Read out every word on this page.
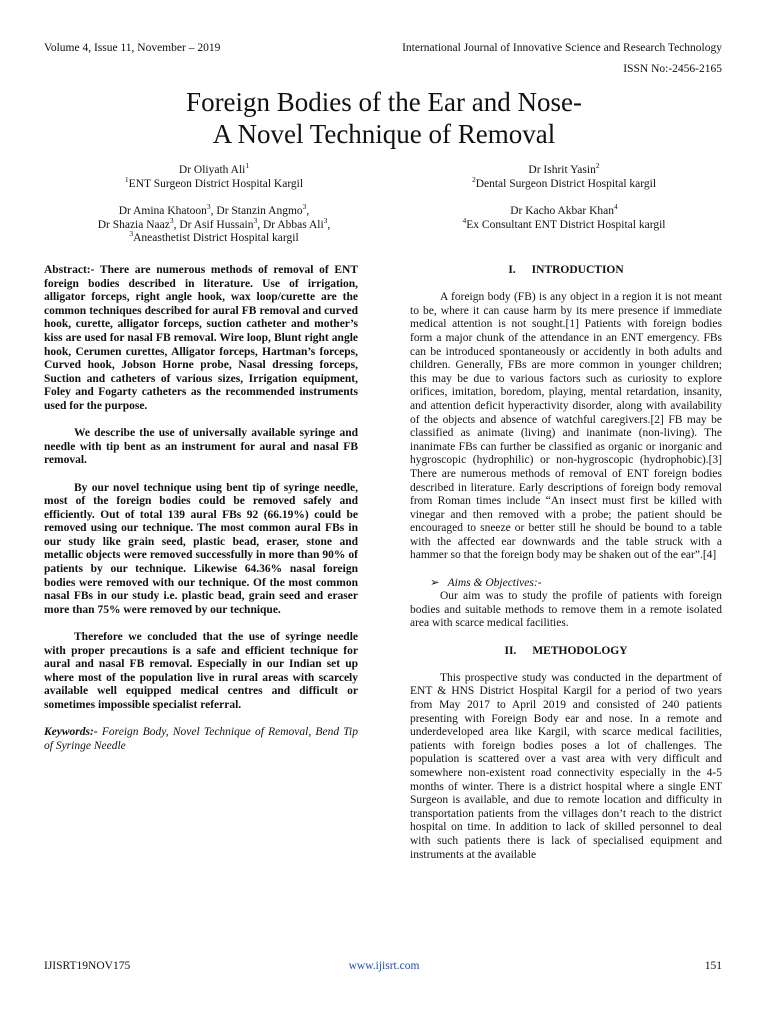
Volume 4, Issue 11, November – 2019	International Journal of Innovative Science and Research Technology
ISSN No:-2456-2165
Foreign Bodies of the Ear and Nose-
A Novel Technique of Removal
Dr Oliyath Ali$^1$
$^1$ENT Surgeon District Hospital Kargil
Dr Amina Khatoon$^3$, Dr Stanzin Angmo$^3$,
Dr Shazia Naaz$^3$, Dr Asif Hussain$^3$, Dr Abbas Ali$^3$,
$^3$Aneasthetist District Hospital kargil
Dr Ishrit Yasin$^2$
$^2$Dental Surgeon District Hospital kargil
Dr Kacho Akbar Khan$^4$
$^4$Ex Consultant ENT District Hospital kargil

Abstract:- There are numerous methods of removal of ENT foreign bodies described in literature. Use of irrigation, alligator forceps, right angle hook, wax loop/curette are the common techniques described for aural FB removal and curved hook, curette, alligator forceps, suction catheter and mother’s kiss are used for nasal FB removal. Wire loop, Blunt right angle hook, Cerumen curettes, Alligator forceps, Hartman’s forceps, Curved hook, Jobson Horne probe, Nasal dressing forceps, Suction and catheters of various sizes, Irrigation equipment, Foley and Fogarty catheters as the recommended instruments used for the purpose.

We describe the use of universally available syringe and needle with tip bent as an instrument for aural and nasal FB removal.

By our novel technique using bent tip of syringe needle, most of the foreign bodies could be removed safely and efficiently. Out of total 139 aural FBs 92 (66.19%) could be removed using our technique. The most common aural FBs in our study like grain seed, plastic bead, eraser, stone and metallic objects were removed successfully in more than 90% of patients by our technique. Likewise 64.36% nasal foreign bodies were removed with our technique. Of the most common nasal FBs in our study i.e. plastic bead, grain seed and eraser more than 75% were removed by our technique.

Therefore we concluded that the use of syringe needle with proper precautions is a safe and efficient technique for aural and nasal FB removal. Especially in our Indian set up where most of the population live in rural areas with scarcely available well equipped medical centres and difficult or sometimes impossible specialist referral.

Keywords:- Foreign Body, Novel Technique of Removal, Bend Tip of Syringe Needle

I. INTRODUCTION

A foreign body (FB) is any object in a region it is not meant to be, where it can cause harm by its mere presence if immediate medical attention is not sought.[1] Patients with foreign bodies form a major chunk of the attendance in an ENT emergency. FBs can be introduced spontaneously or accidently in both adults and children. Generally, FBs are more common in younger children; this may be due to various factors such as curiosity to explore orifices, imitation, boredom, playing, mental retardation, insanity, and attention deficit hyperactivity disorder, along with availability of the objects and absence of watchful caregivers.[2] FB may be classified as animate (living) and inanimate (non-living). The inanimate FBs can further be classified as organic or inorganic and hygroscopic (hydrophilic) or non-hygroscopic (hydrophobic).[3] There are numerous methods of removal of ENT foreign bodies described in literature. Early descriptions of foreign body removal from Roman times include “An insect must first be killed with vinegar and then removed with a probe; the patient should be encouraged to sneeze or better still he should be bound to a table with the affected ear downwards and the table struck with a hammer so that the foreign body may be shaken out of the ear”.[4]

➢ Aims & Objectives:-

Our aim was to study the profile of patients with foreign bodies and suitable methods to remove them in a remote isolated area with scarce medical facilities.

II. METHODOLOGY

This prospective study was conducted in the department of ENT & HNS District Hospital Kargil for a period of two years from May 2017 to April 2019 and consisted of 240 patients presenting with Foreign Body ear and nose. In a remote and underdeveloped area like Kargil, with scarce medical facilities, patients with foreign bodies poses a lot of challenges. The population is scattered over a vast area with very difficult and somewhere non-existent road connectivity especially in the 4-5 months of winter. There is a district hospital where a single ENT Surgeon is available, and due to remote location and difficulty in transportation patients from the villages don’t reach to the district hospital on time. In addition to lack of skilled personnel to deal with such patients there is lack of specialised equipment and instruments at the available

IJISRT19NOV175	www.ijisrt.com	151
